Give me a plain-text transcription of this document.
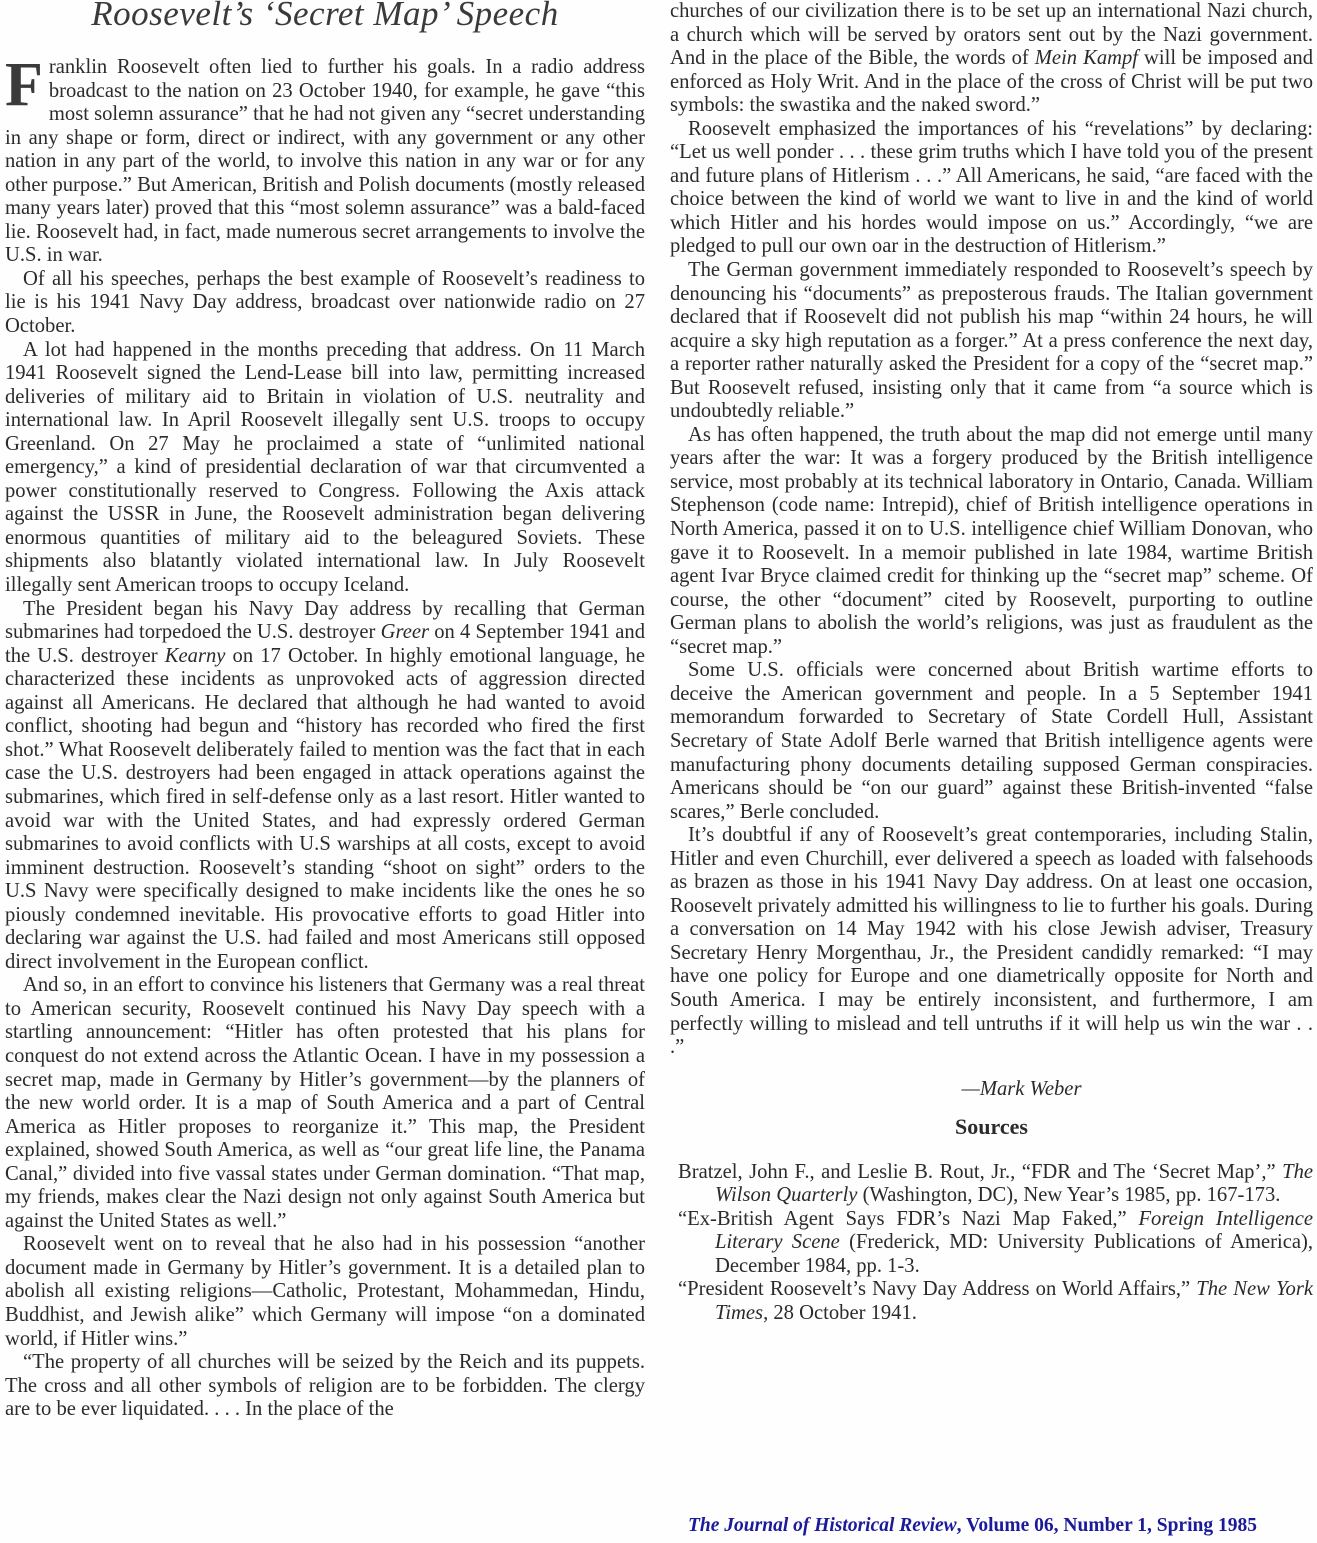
Roosevelt’s ‘Secret Map’ Speech

Franklin Roosevelt often lied to further his goals. In a radio address broadcast to the nation on 23 October 1940, for example, he gave “this most solemn assurance” that he had not given any “secret understanding in any shape or form, direct or indirect, with any government or any other nation in any part of the world, to involve this nation in any war or for any other purpose.” But American, British and Polish documents (mostly released many years later) proved that this “most solemn assurance” was a bald-faced lie. Roosevelt had, in fact, made numerous secret arrangements to involve the U.S. in war.

Of all his speeches, perhaps the best example of Roosevelt’s readiness to lie is his 1941 Navy Day address, broadcast over nationwide radio on 27 October.

A lot had happened in the months preceding that address. On 11 March 1941 Roosevelt signed the Lend-Lease bill into law, permitting increased deliveries of military aid to Britain in violation of U.S. neutrality and international law. In April Roosevelt illegally sent U.S. troops to occupy Greenland. On 27 May he proclaimed a state of “unlimited national emergency,” a kind of presidential declaration of war that circumvented a power constitutionally reserved to Congress. Following the Axis attack against the USSR in June, the Roosevelt administration began delivering enormous quantities of military aid to the beleagured Soviets. These shipments also blatantly violated international law. In July Roosevelt illegally sent American troops to occupy Iceland.

The President began his Navy Day address by recalling that German submarines had torpedoed the U.S. destroyer Greer on 4 September 1941 and the U.S. destroyer Kearny on 17 October. In highly emotional language, he characterized these incidents as unprovoked acts of aggression directed against all Americans. He declared that although he had wanted to avoid conflict, shooting had begun and “history has recorded who fired the first shot.” What Roosevelt deliberately failed to mention was the fact that in each case the U.S. destroyers had been engaged in attack operations against the submarines, which fired in self-defense only as a last resort. Hitler wanted to avoid war with the United States, and had expressly ordered German submarines to avoid conflicts with U.S warships at all costs, except to avoid imminent destruction. Roosevelt’s standing “shoot on sight” orders to the U.S Navy were specifically designed to make incidents like the ones he so piously condemned inevitable. His provocative efforts to goad Hitler into declaring war against the U.S. had failed and most Americans still opposed direct involvement in the European conflict.

And so, in an effort to convince his listeners that Germany was a real threat to American security, Roosevelt continued his Navy Day speech with a startling announcement: “Hitler has often protested that his plans for conquest do not extend across the Atlantic Ocean. I have in my possession a secret map, made in Germany by Hitler’s government—by the planners of the new world order. It is a map of South America and a part of Central America as Hitler proposes to reorganize it.” This map, the President explained, showed South America, as well as “our great life line, the Panama Canal,” divided into five vassal states under German domination. “That map, my friends, makes clear the Nazi design not only against South America but against the United States as well.”

Roosevelt went on to reveal that he also had in his possession “another document made in Germany by Hitler’s government. It is a detailed plan to abolish all existing religions—Catholic, Protestant, Mohammedan, Hindu, Buddhist, and Jewish alike” which Germany will impose “on a dominated world, if Hitler wins.”

“The property of all churches will be seized by the Reich and its puppets. The cross and all other symbols of religion are to be forbidden. The clergy are to be ever liquidated. . . . In the place of the

churches of our civilization there is to be set up an international Nazi church, a church which will be served by orators sent out by the Nazi government. And in the place of the Bible, the words of Mein Kampf will be imposed and enforced as Holy Writ. And in the place of the cross of Christ will be put two symbols: the swastika and the naked sword.”

Roosevelt emphasized the importances of his “revelations” by declaring: “Let us well ponder . . . these grim truths which I have told you of the present and future plans of Hitlerism . . .” All Americans, he said, “are faced with the choice between the kind of world we want to live in and the kind of world which Hitler and his hordes would impose on us.” Accordingly, “we are pledged to pull our own oar in the destruction of Hitlerism.”

The German government immediately responded to Roosevelt’s speech by denouncing his “documents” as preposterous frauds. The Italian government declared that if Roosevelt did not publish his map “within 24 hours, he will acquire a sky high reputation as a forger.” At a press conference the next day, a reporter rather naturally asked the President for a copy of the “secret map.” But Roosevelt refused, insisting only that it came from “a source which is undoubtedly reliable.”

As has often happened, the truth about the map did not emerge until many years after the war: It was a forgery produced by the British intelligence service, most probably at its technical laboratory in Ontario, Canada. William Stephenson (code name: Intrepid), chief of British intelligence operations in North America, passed it on to U.S. intelligence chief William Donovan, who gave it to Roosevelt. In a memoir published in late 1984, wartime British agent Ivar Bryce claimed credit for thinking up the “secret map” scheme. Of course, the other “document” cited by Roosevelt, purporting to outline German plans to abolish the world’s religions, was just as fraudulent as the “secret map.”

Some U.S. officials were concerned about British wartime efforts to deceive the American government and people. In a 5 September 1941 memorandum forwarded to Secretary of State Cordell Hull, Assistant Secretary of State Adolf Berle warned that British intelligence agents were manufacturing phony documents detailing supposed German conspiracies. Americans should be “on our guard” against these British-invented “false scares,” Berle concluded.

It’s doubtful if any of Roosevelt’s great contemporaries, including Stalin, Hitler and even Churchill, ever delivered a speech as loaded with falsehoods as brazen as those in his 1941 Navy Day address. On at least one occasion, Roosevelt privately admitted his willingness to lie to further his goals. During a conversation on 14 May 1942 with his close Jewish adviser, Treasury Secretary Henry Morgenthau, Jr., the President candidly remarked: “I may have one policy for Europe and one diametrically opposite for North and South America. I may be entirely inconsistent, and furthermore, I am perfectly willing to mislead and tell untruths if it will help us win the war . . .”

—Mark Weber
Sources

Bratzel, John F., and Leslie B. Rout, Jr., “FDR and The ‘Secret Map’,” The Wilson Quarterly (Washington, DC), New Year’s 1985, pp. 167-173.

“Ex-British Agent Says FDR’s Nazi Map Faked,” Foreign Intelligence Literary Scene (Frederick, MD: University Publications of America), December 1984, pp. 1-3.

“President Roosevelt’s Navy Day Address on World Affairs,” The New York Times, 28 October 1941.

The Journal of Historical Review, Volume 06, Number 1, Spring 1985
